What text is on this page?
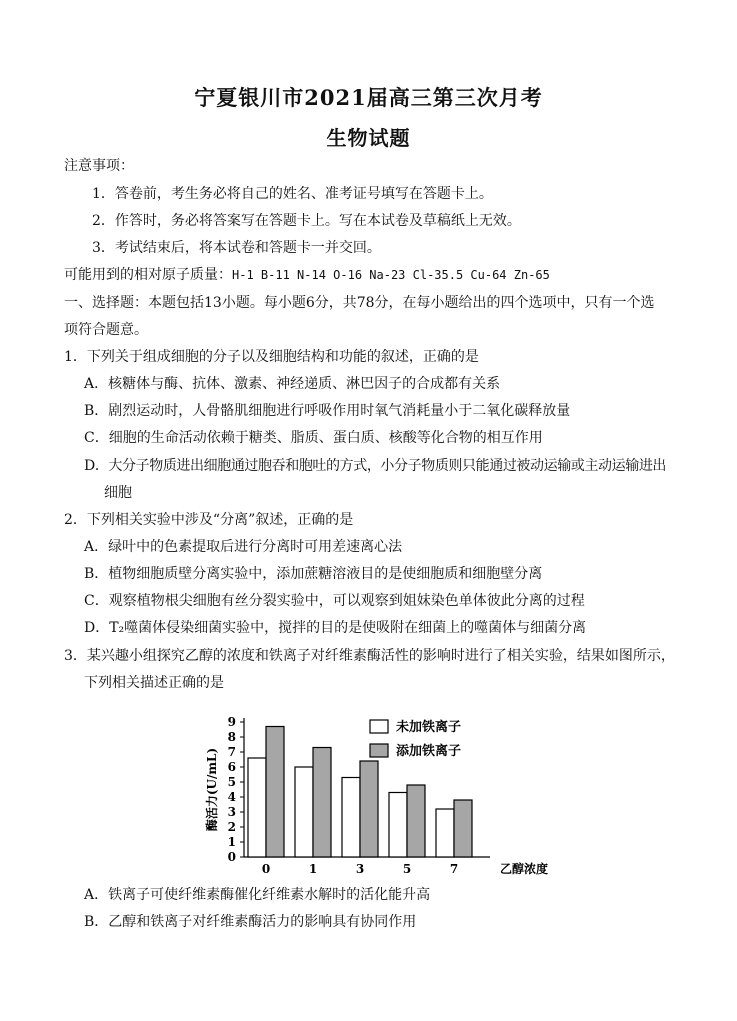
宁夏银川市2021届高三第三次月考
生物试题
注意事项：
1．答卷前，考生务必将自己的姓名、准考证号填写在答题卡上。
2．作答时，务必将答案写在答题卡上。写在本试卷及草稿纸上无效。
3．考试结束后，将本试卷和答题卡一并交回。
可能用到的相对原子质量：H-1 B-11 N-14 O-16 Na-23 Cl-35.5 Cu-64 Zn-65
一、选择题：本题包括13小题。每小题6分，共78分，在每小题给出的四个选项中，只有一个选
项符合题意。
1．下列关于组成细胞的分子以及细胞结构和功能的叙述，正确的是
A．核糖体与酶、抗体、激素、神经递质、淋巴因子的合成都有关系
B．剧烈运动时，人骨骼肌细胞进行呼吸作用时氧气消耗量小于二氧化碳释放量
C．细胞的生命活动依赖于糖类、脂质、蛋白质、核酸等化合物的相互作用
D．大分子物质进出细胞通过胞吞和胞吐的方式，小分子物质则只能通过被动运输或主动运输进出
细胞
2．下列相关实验中涉及“分离”叙述，正确的是
A．绿叶中的色素提取后进行分离时可用差速离心法
B．植物细胞质壁分离实验中，添加蔗糖溶液目的是使细胞质和细胞壁分离
C．观察植物根尖细胞有丝分裂实验中，可以观察到姐妹染色单体彼此分离的过程
D．T₂噬菌体侵染细菌实验中，搅拌的目的是使吸附在细菌上的噬菌体与细菌分离
3．某兴趣小组探究乙醇的浓度和铁离子对纤维素酶活性的影响时进行了相关实验，结果如图所示，
下列相关描述正确的是
酶活力(U/mL)
0
1
2
3
4
5
6
7
8
9
0	1	3	5	7	乙醇浓度
未加铁离子
添加铁离子
A．铁离子可使纤维素酶催化纤维素水解时的活化能升高
B．乙醇和铁离子对纤维素酶活力的影响具有协同作用
